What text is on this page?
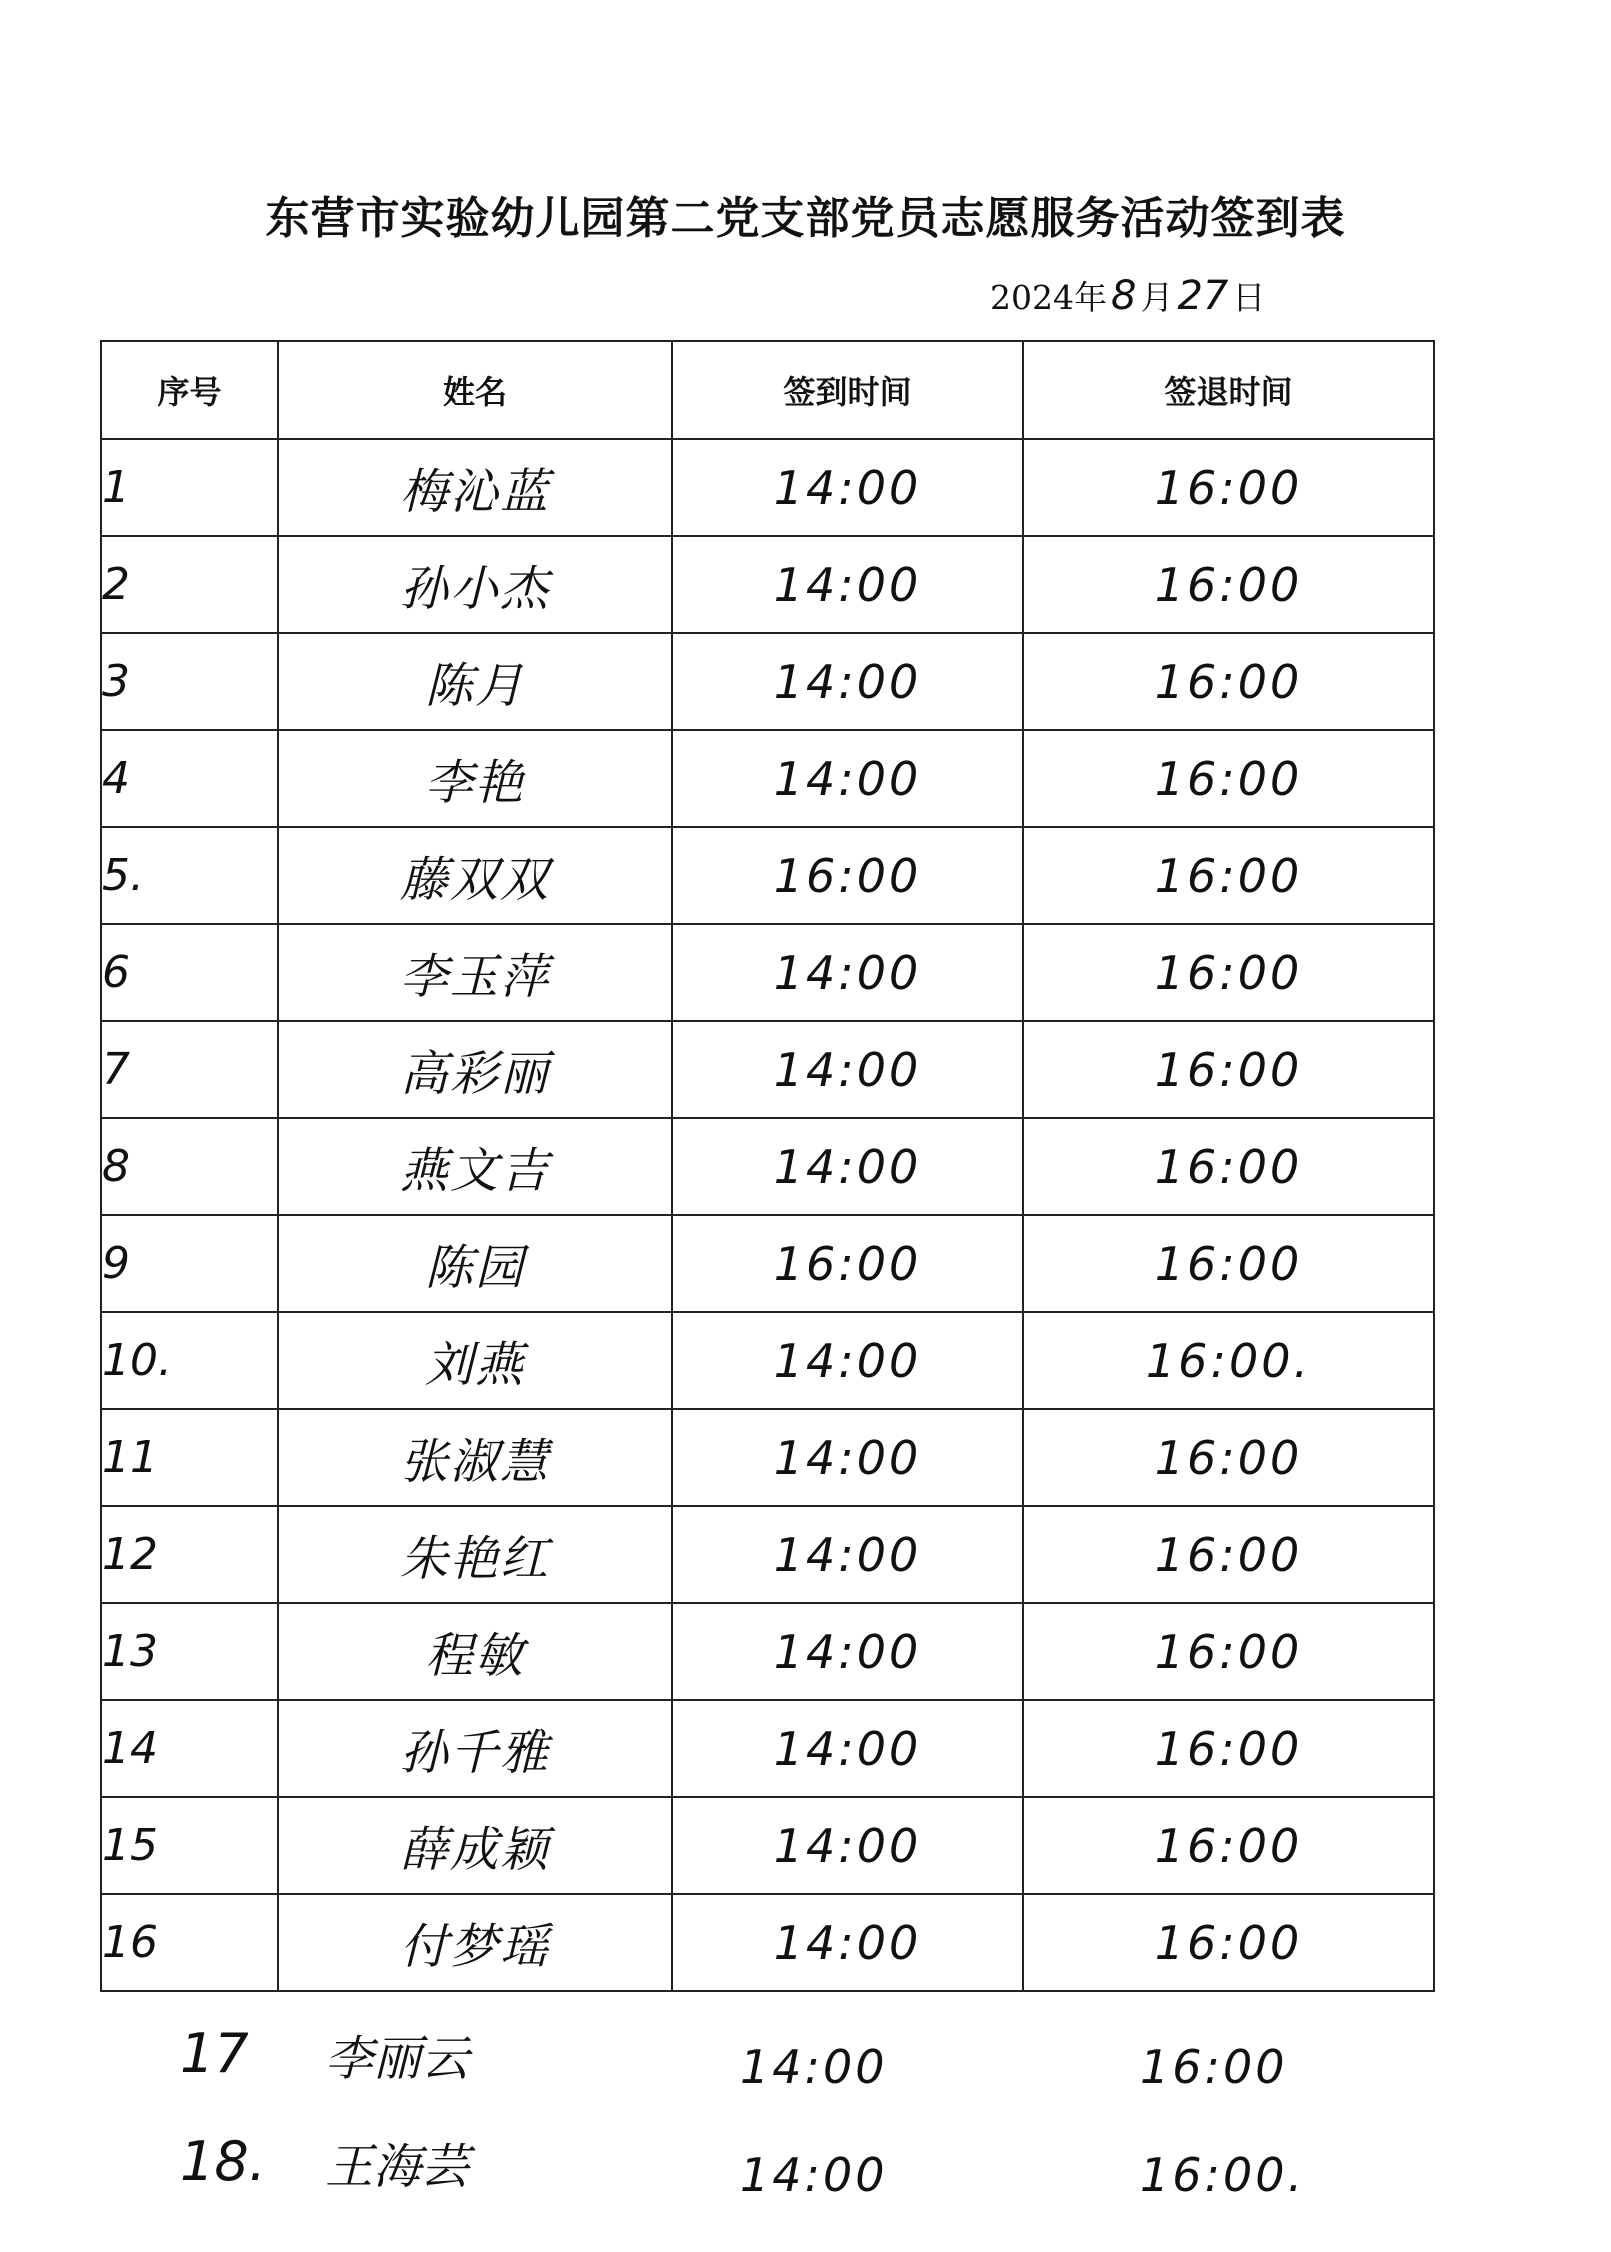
东营市实验幼儿园第二党支部党员志愿服务活动签到表
2024年 8 月 27 日
序号	姓名	签到时间	签退时间
1	梅沁蓝	14:00	16:00
2	孙小杰	14:00	16:00
3	陈月	14:00	16:00
4	李艳	14:00	16:00
5.	藤双双	16:00	16:00
6	李玉萍	14:00	16:00
7	高彩丽	14:00	16:00
8	燕文吉	14:00	16:00
9	陈园	16:00	16:00
10.	刘燕	14:00	16:00.
11	张淑慧	14:00	16:00
12	朱艳红	14:00	16:00
13	程敏	14:00	16:00
14	孙千雅	14:00	16:00
15	薛成颖	14:00	16:00
16	付梦瑶	14:00	16:00
17 李丽云	14:00	16:00
18. 王海芸	14:00	16:00.
